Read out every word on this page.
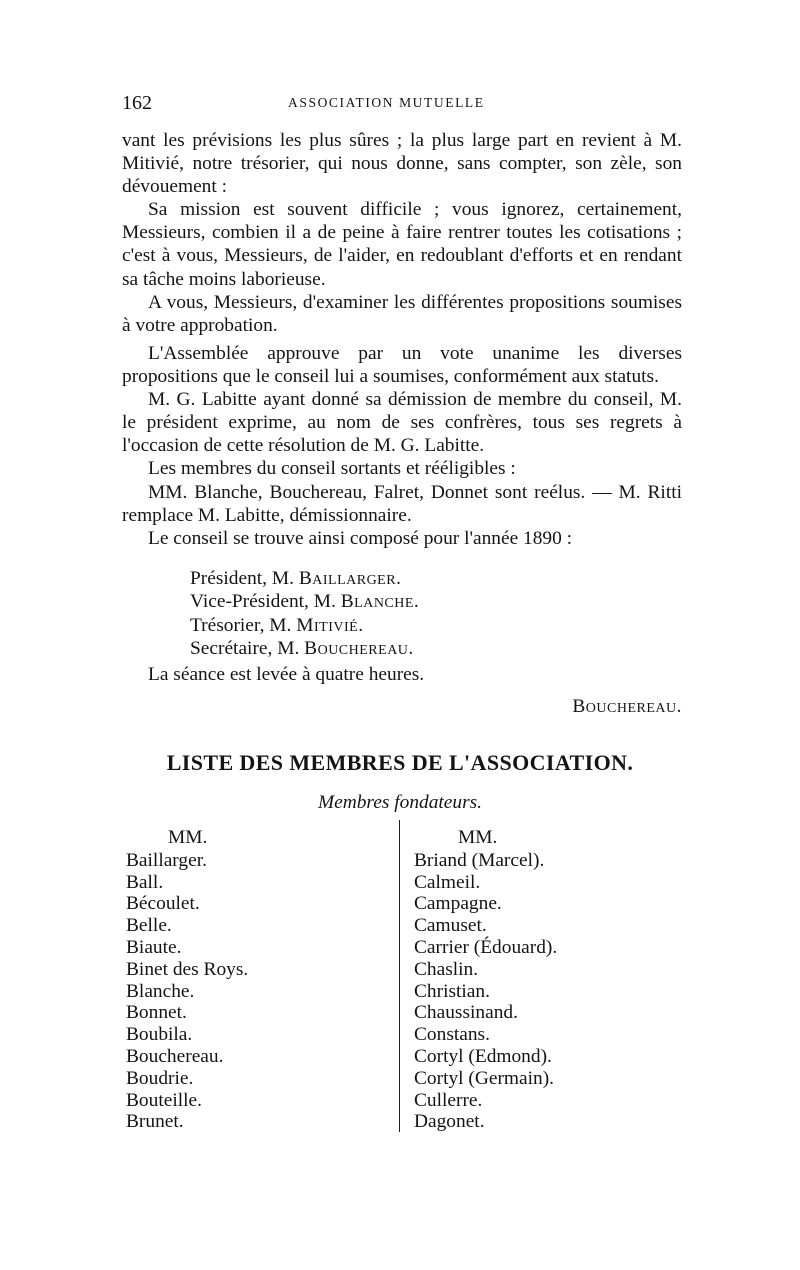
162	ASSOCIATION MUTUELLE

vant les prévisions les plus sûres ; la plus large part en revient à M. Mitivié, notre trésorier, qui nous donne, sans compter, son zèle, son dévouement :

Sa mission est souvent difficile ; vous ignorez, certainement, Messieurs, combien il a de peine à faire rentrer toutes les cotisations ; c'est à vous, Messieurs, de l'aider, en redoublant d'efforts et en rendant sa tâche moins laborieuse.

A vous, Messieurs, d'examiner les différentes propositions soumises à votre approbation.

L'Assemblée approuve par un vote unanime les diverses propositions que le conseil lui a soumises, conformément aux statuts.

M. G. Labitte ayant donné sa démission de membre du conseil, M. le président exprime, au nom de ses confrères, tous ses regrets à l'occasion de cette résolution de M. G. Labitte.

Les membres du conseil sortants et rééligibles :

MM. Blanche, Bouchereau, Falret, Donnet sont reélus. — M. Ritti remplace M. Labitte, démissionnaire.

Le conseil se trouve ainsi composé pour l'année 1890 :

Président, M. Baillarger.
Vice-Président, M. Blanche.
Trésorier, M. Mitivié.
Secrétaire, M. Bouchereau.
La séance est levée à quatre heures.
Bouchereau.
LISTE DES MEMBRES DE L'ASSOCIATION.
Membres fondateurs.
MM.
Baillarger.
Ball.
Bécoulet.
Belle.
Biaute.
Binet des Roys.
Blanche.
Bonnet.
Boubila.
Bouchereau.
Boudrie.
Bouteille.
Brunet.
MM.
Briand (Marcel).
Calmeil.
Campagne.
Camuset.
Carrier (Édouard).
Chaslin.
Christian.
Chaussinand.
Constans.
Cortyl (Edmond).
Cortyl (Germain).
Cullerre.
Dagonet.
